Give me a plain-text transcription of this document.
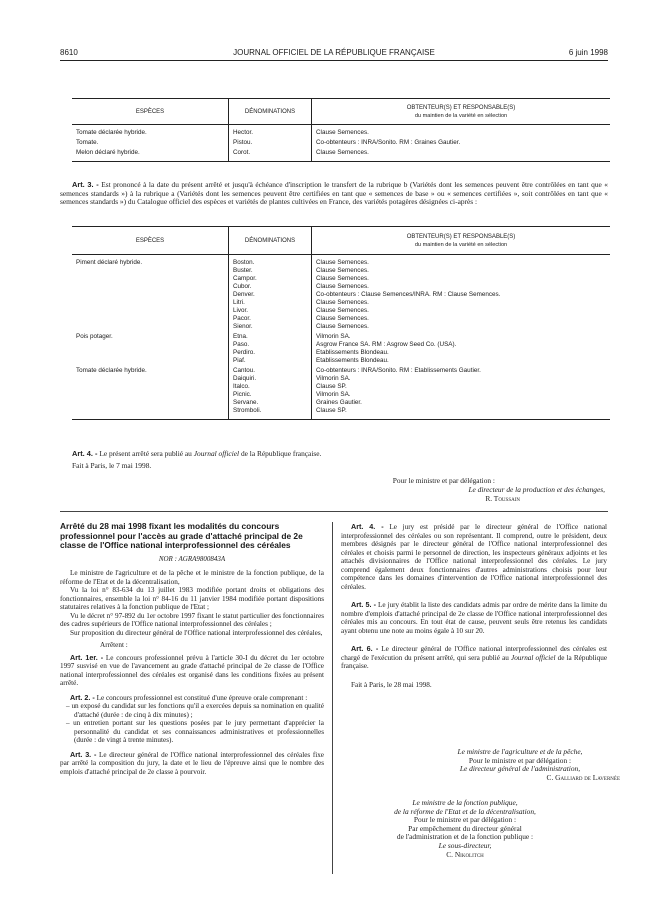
8610	JOURNAL OFFICIEL DE LA RÉPUBLIQUE FRANÇAISE	6 juin 1998
ESPÈCES	DÉNOMINATIONS	OBTENTEUR(S) ET RESPONSABLE(S)
du maintien de la variété en sélection

Tomate déclarée hybride.	Hector.	Clause Semences.
Tomate.	Pistou.	Co-obtenteurs : INRA/Sonito. RM : Graines Gautier.
Melon déclaré hybride.	Corot.	Clause Semences.
Art. 3. - Est prononcé à la date du présent arrêté et jusqu'à échéance d'inscription le transfert de la rubrique b (Variétés dont les semences peuvent être contrôlées en tant que « semences standards ») à la rubrique a (Variétés dont les semences peuvent être certifiées en tant que « semences de base » ou « semences certifiées », soit contrôlées en tant que « semences standards ») du Catalogue officiel des espèces et variétés de plantes cultivées en France, des variétés potagères désignées ci-après :
ESPÈCES	DÉNOMINATIONS	OBTENTEUR(S) ET RESPONSABLE(S)
du maintien de la variété en sélection

Piment déclaré hybride.	Boston.	Clause Semences.
	Buster.	Clause Semences.
	Campor.	Clause Semences.
	Cubor.	Clause Semences.
	Denver.	Co-obtenteurs : Clause Semences/INRA. RM : Clause Semences.
	Litri.	Clause Semences.
	Livor.	Clause Semences.
	Pacor.	Clause Semences.
	Sienor.	Clause Semences.
Pois potager.	Etna.	Vilmorin SA.
	Paso.	Asgrow France SA. RM : Asgrow Seed Co. (USA).
	Perdiro.	Etablissements Blondeau.
	Piaf.	Etablissements Blondeau.
Tomate déclarée hybride.	Cantou.	Co-obtenteurs : INRA/Sonito. RM : Etablissements Gautier.
	Daiquiri.	Vilmorin SA.
	Italco.	Clause SP.
	Picnic.	Vilmorin SA.
	Servane.	Graines Gautier.
	Stromboli.	Clause SP.
Art. 4. - Le présent arrêté sera publié au Journal officiel de la République française.
Fait à Paris, le 7 mai 1998.
Pour le ministre et par délégation :
Le directeur de la production et des échanges,
R. Toussain
Arrêté du 28 mai 1998 fixant les modalités du concours professionnel pour l'accès au grade d'attaché principal de 2e classe de l'Office national interprofessionnel des céréales
NOR : AGRA9800843A

Le ministre de l'agriculture et de la pêche et le ministre de la fonction publique, de la réforme de l'Etat et de la décentralisation,

Vu la loi n° 83-634 du 13 juillet 1983 modifiée portant droits et obligations des fonctionnaires, ensemble la loi n° 84-16 du 11 janvier 1984 modifiée portant dispositions statutaires relatives à la fonction publique de l'Etat ;

Vu le décret n° 97-892 du 1er octobre 1997 fixant le statut particulier des fonctionnaires des cadres supérieurs de l'Office national interprofessionnel des céréales ;

Sur proposition du directeur général de l'Office national interprofessionnel des céréales,

Arrêtent :

Art. 1er. - Le concours professionnel prévu à l'article 30-I du décret du 1er octobre 1997 susvisé en vue de l'avancement au grade d'attaché principal de 2e classe de l'Office national interprofessionnel des céréales est organisé dans les conditions fixées au présent arrêté.

Art. 2. - Le concours professionnel est constitué d'une épreuve orale comprenant :

– un exposé du candidat sur les fonctions qu'il a exercées depuis sa nomination en qualité d'attaché (durée : de cinq à dix minutes) ;
– un entretien portant sur les questions posées par le jury permettant d'apprécier la personnalité du candidat et ses connaissances administratives et professionnelles (durée : de vingt à trente minutes).

Art. 3. - Le directeur général de l'Office national interprofessionnel des céréales fixe par arrêté la composition du jury, la date et le lieu de l'épreuve ainsi que le nombre des emplois d'attaché principal de 2e classe à pourvoir.

Art. 4. - Le jury est présidé par le directeur général de l'Office national interprofessionnel des céréales ou son représentant. Il comprend, outre le président, deux membres désignés par le directeur général de l'Office national interprofessionnel des céréales et choisis parmi le personnel de direction, les inspecteurs généraux adjoints et les attachés divisionnaires de l'Office national interprofessionnel des céréales. Le jury comprend également deux fonctionnaires d'autres administrations choisis pour leur compétence dans les domaines d'intervention de l'Office national interprofessionnel des céréales.

Art. 5. - Le jury établit la liste des candidats admis par ordre de mérite dans la limite du nombre d'emplois d'attaché principal de 2e classe de l'Office national interprofessionnel des céréales mis au concours. En tout état de cause, peuvent seuls être retenus les candidats ayant obtenu une note au moins égale à 10 sur 20.

Art. 6. - Le directeur général de l'Office national interprofessionnel des céréales est chargé de l'exécution du présent arrêté, qui sera publié au Journal officiel de la République française.

Fait à Paris, le 28 mai 1998.

Le ministre de l'agriculture et de la pêche,
Pour le ministre et par délégation :
Le directeur général de l'administration,
C. Galliard de Lavernée
Le ministre de la fonction publique,
de la réforme de l'Etat et de la décentralisation,
Pour le ministre et par délégation :
Par empêchement du directeur général
de l'administration et de la fonction publique :
Le sous-directeur,
C. Nikolitch
